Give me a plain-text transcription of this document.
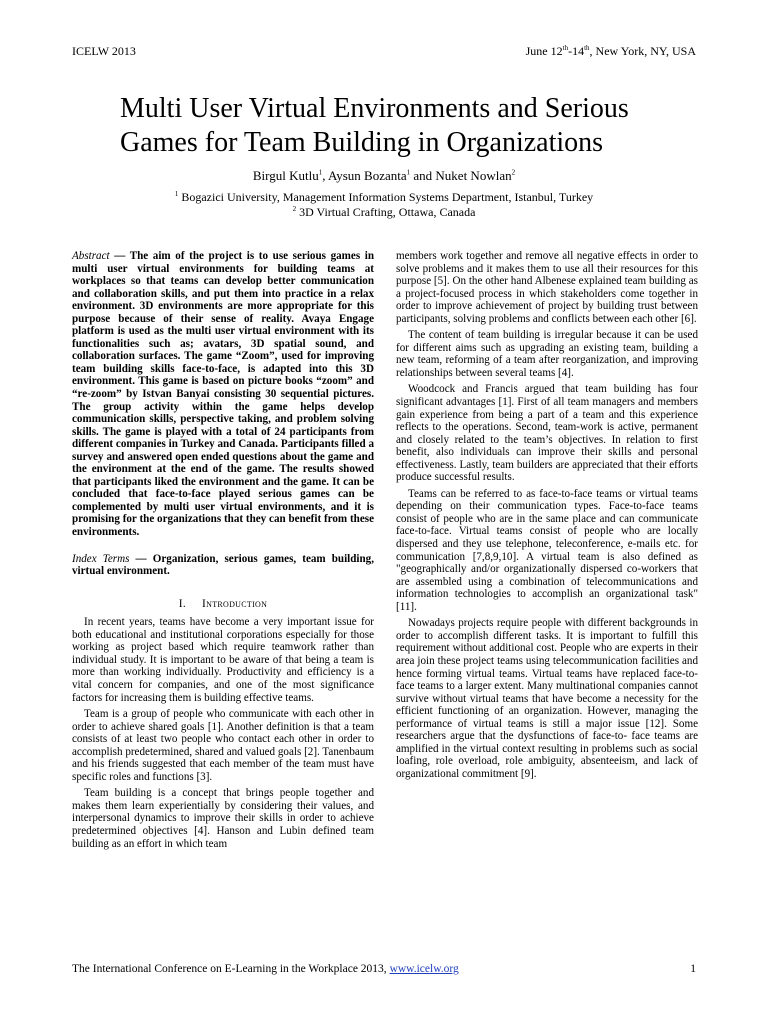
ICELW 2013	June 12th-14th, New York, NY, USA
Multi User Virtual Environments and Serious Games for Team Building in Organizations
Birgul Kutlu$^1$, Aysun Bozanta$^1$ and Nuket Nowlan$^2$
$^1$ Bogazici University, Management Information Systems Department, Istanbul, Turkey
$^2$ 3D Virtual Crafting, Ottawa, Canada

Abstract — The aim of the project is to use serious games in multi user virtual environments for building teams at workplaces so that teams can develop better communication and collaboration skills, and put them into practice in a relax environment. 3D environments are more appropriate for this purpose because of their sense of reality. Avaya Engage platform is used as the multi user virtual environment with its functionalities such as; avatars, 3D spatial sound, and collaboration surfaces. The game “Zoom”, used for improving team building skills face-to-face, is adapted into this 3D environment. This game is based on picture books “zoom” and “re-zoom” by Istvan Banyai consisting 30 sequential pictures. The group activity within the game helps develop communication skills, perspective taking, and problem solving skills. The game is played with a total of 24 participants from different companies in Turkey and Canada. Participants filled a survey and answered open ended questions about the game and the environment at the end of the game. The results showed that participants liked the environment and the game. It can be concluded that face-to-face played serious games can be complemented by multi user virtual environments, and it is promising for the organizations that they can benefit from these environments.

Index Terms — Organization, serious games, team building, virtual environment.

I. Introduction

In recent years, teams have become a very important issue for both educational and institutional corporations especially for those working as project based which require teamwork rather than individual study. It is important to be aware of that being a team is more than working individually. Productivity and efficiency is a vital concern for companies, and one of the most significance factors for increasing them is building effective teams.

Team is a group of people who communicate with each other in order to achieve shared goals [1]. Another definition is that a team consists of at least two people who contact each other in order to accomplish predetermined, shared and valued goals [2]. Tanenbaum and his friends suggested that each member of the team must have specific roles and functions [3].

Team building is a concept that brings people together and makes them learn experientially by considering their values, and interpersonal dynamics to improve their skills in order to achieve predetermined objectives [4]. Hanson and Lubin defined team building as an effort in which team

members work together and remove all negative effects in order to solve problems and it makes them to use all their resources for this purpose [5]. On the other hand Albenese explained team building as a project-focused process in which stakeholders come together in order to improve achievement of project by building trust between participants, solving problems and conflicts between each other [6].

The content of team building is irregular because it can be used for different aims such as upgrading an existing team, building a new team, reforming of a team after reorganization, and improving relationships between several teams [4].

Woodcock and Francis argued that team building has four significant advantages [1]. First of all team managers and members gain experience from being a part of a team and this experience reflects to the operations. Second, team-work is active, permanent and closely related to the team’s objectives. In relation to first benefit, also individuals can improve their skills and personal effectiveness. Lastly, team builders are appreciated that their efforts produce successful results.

Teams can be referred to as face-to-face teams or virtual teams depending on their communication types. Face-to-face teams consist of people who are in the same place and can communicate face-to-face. Virtual teams consist of people who are locally dispersed and they use telephone, teleconference, e-mails etc. for communication [7,8,9,10]. A virtual team is also defined as "geographically and/or organizationally dispersed co-workers that are assembled using a combination of telecommunications and information technologies to accomplish an organizational task" [11].

Nowadays projects require people with different backgrounds in order to accomplish different tasks. It is important to fulfill this requirement without additional cost. People who are experts in their area join these project teams using telecommunication facilities and hence forming virtual teams. Virtual teams have replaced face-to-face teams to a larger extent. Many multinational companies cannot survive without virtual teams that have become a necessity for the efficient functioning of an organization. However, managing the performance of virtual teams is still a major issue [12]. Some researchers argue that the dysfunctions of face-to- face teams are amplified in the virtual context resulting in problems such as social loafing, role overload, role ambiguity, absenteeism, and lack of organizational commitment [9].

The International Conference on E-Learning in the Workplace 2013, www.icelw.org	1
